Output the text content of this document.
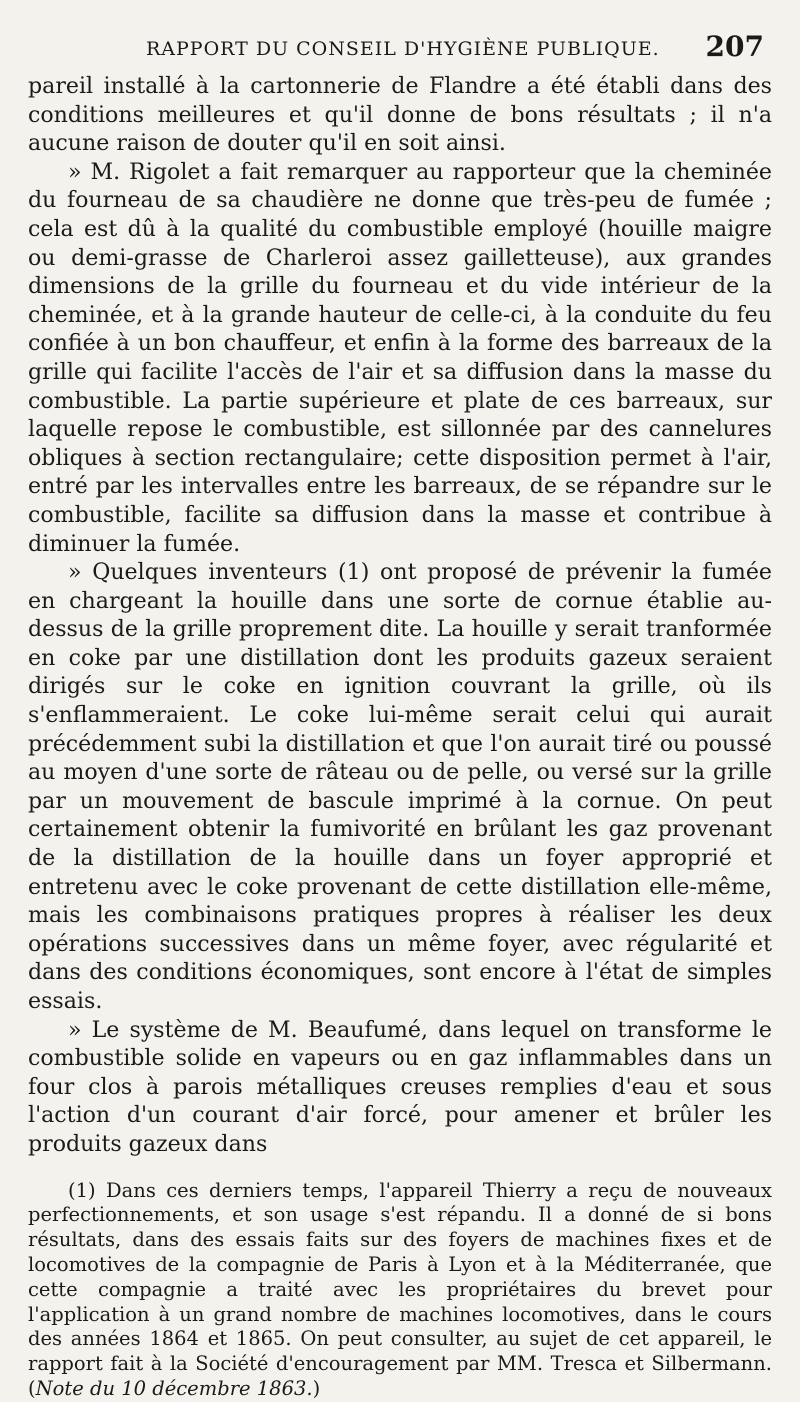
RAPPORT DU CONSEIL D'HYGIÈNE PUBLIQUE. 207

pareil installé à la cartonnerie de Flandre a été établi dans des conditions meilleures et qu'il donne de bons résultats ; il n'a aucune raison de douter qu'il en soit ainsi.

» M. Rigolet a fait remarquer au rapporteur que la cheminée du fourneau de sa chaudière ne donne que très-peu de fumée ; cela est dû à la qualité du combustible employé (houille maigre ou demi-grasse de Charleroi assez gailletteuse), aux grandes dimensions de la grille du fourneau et du vide intérieur de la cheminée, et à la grande hauteur de celle-ci, à la conduite du feu confiée à un bon chauffeur, et enfin à la forme des barreaux de la grille qui facilite l'accès de l'air et sa diffusion dans la masse du combustible. La partie supérieure et plate de ces barreaux, sur laquelle repose le combustible, est sillonnée par des cannelures obliques à section rectangulaire; cette disposition permet à l'air, entré par les intervalles entre les barreaux, de se répandre sur le combustible, facilite sa diffusion dans la masse et contribue à diminuer la fumée.

» Quelques inventeurs (1) ont proposé de prévenir la fumée en chargeant la houille dans une sorte de cornue établie au-dessus de la grille proprement dite. La houille y serait tranformée en coke par une distillation dont les produits gazeux seraient dirigés sur le coke en ignition couvrant la grille, où ils s'enflammeraient. Le coke lui-même serait celui qui aurait précédemment subi la distillation et que l'on aurait tiré ou poussé au moyen d'une sorte de râteau ou de pelle, ou versé sur la grille par un mouvement de bascule imprimé à la cornue. On peut certainement obtenir la fumivorité en brûlant les gaz provenant de la distillation de la houille dans un foyer approprié et entretenu avec le coke provenant de cette distillation elle-même, mais les combinaisons pratiques propres à réaliser les deux opérations successives dans un même foyer, avec régularité et dans des conditions économiques, sont encore à l'état de simples essais.

» Le système de M. Beaufumé, dans lequel on transforme le combustible solide en vapeurs ou en gaz inflammables dans un four clos à parois métalliques creuses remplies d'eau et sous l'action d'un courant d'air forcé, pour amener et brûler les produits gazeux dans

(1) Dans ces derniers temps, l'appareil Thierry a reçu de nouveaux perfectionnements, et son usage s'est répandu. Il a donné de si bons résultats, dans des essais faits sur des foyers de machines fixes et de locomotives de la compagnie de Paris à Lyon et à la Méditerranée, que cette compagnie a traité avec les propriétaires du brevet pour l'application à un grand nombre de machines locomotives, dans le cours des années 1864 et 1865. On peut consulter, au sujet de cet appareil, le rapport fait à la Société d'encouragement par MM. Tresca et Silbermann. (Note du 10 décembre 1863.)
